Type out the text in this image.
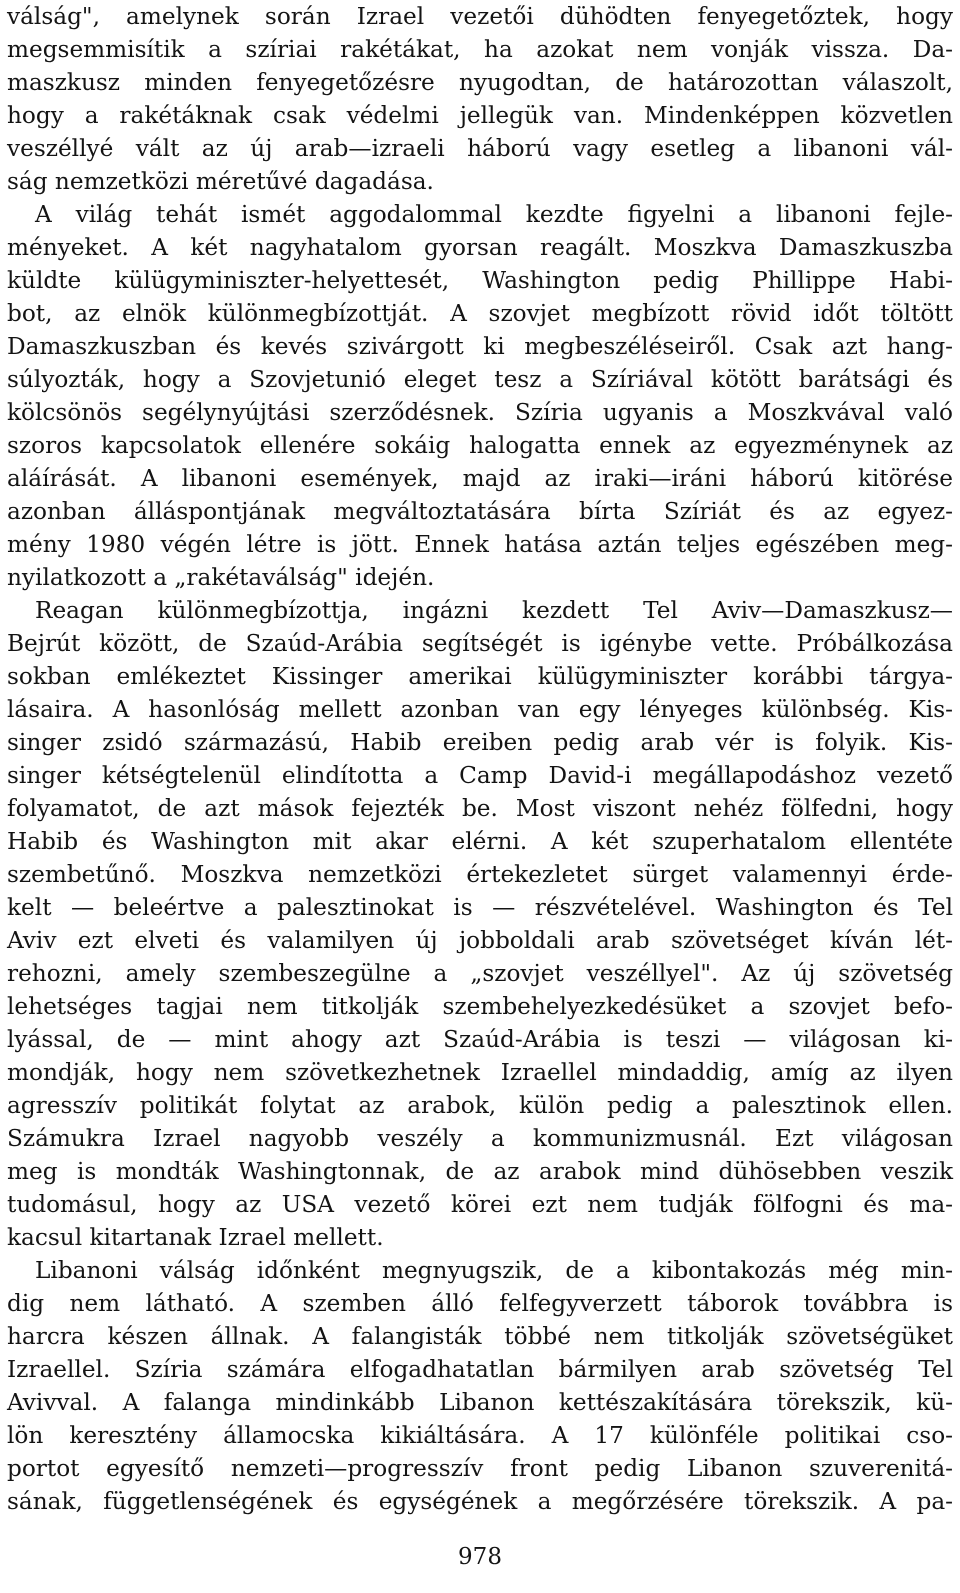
válság", amelynek során Izrael vezetői dühödten fenyegetőztek, hogy
megsemmisítik a szíriai rakétákat, ha azokat nem vonják vissza. Da-
maszkusz minden fenyegetőzésre nyugodtan, de határozottan válaszolt,
hogy a rakétáknak csak védelmi jellegük van. Mindenképpen közvetlen
veszéllyé vált az új arab—izraeli háború vagy esetleg a libanoni vál-
ság nemzetközi méretűvé dagadása.
A világ tehát ismét aggodalommal kezdte figyelni a libanoni fejle-
ményeket. A két nagyhatalom gyorsan reagált. Moszkva Damaszkuszba
küldte külügyminiszter-helyettesét, Washington pedig Phillippe Habi-
bot, az elnök különmegbízottját. A szovjet megbízott rövid időt töltött
Damaszkuszban és kevés szivárgott ki megbeszéléseiről. Csak azt hang-
súlyozták, hogy a Szovjetunió eleget tesz a Szíriával kötött barátsági és
kölcsönös segélynyújtási szerződésnek. Szíria ugyanis a Moszkvával való
szoros kapcsolatok ellenére sokáig halogatta ennek az egyezménynek az
aláírását. A libanoni események, majd az iraki—iráni háború kitörése
azonban álláspontjának megváltoztatására bírta Szíriát és az egyez-
mény 1980 végén létre is jött. Ennek hatása aztán teljes egészében meg-
nyilatkozott a „rakétaválság" idején.
Reagan különmegbízottja, ingázni kezdett Tel Aviv—Damaszkusz—
Bejrút között, de Szaúd-Arábia segítségét is igénybe vette. Próbálkozása
sokban emlékeztet Kissinger amerikai külügyminiszter korábbi tárgya-
lásaira. A hasonlóság mellett azonban van egy lényeges különbség. Kis-
singer zsidó származású, Habib ereiben pedig arab vér is folyik. Kis-
singer kétségtelenül elindította a Camp David-i megállapodáshoz vezető
folyamatot, de azt mások fejezték be. Most viszont nehéz fölfedni, hogy
Habib és Washington mit akar elérni. A két szuperhatalom ellentéte
szembetűnő. Moszkva nemzetközi értekezletet sürget valamennyi érde-
kelt — beleértve a palesztinokat is — részvételével. Washington és Tel
Aviv ezt elveti és valamilyen új jobboldali arab szövetséget kíván lét-
rehozni, amely szembeszegülne a „szovjet veszéllyel". Az új szövetség
lehetséges tagjai nem titkolják szembehelyezkedésüket a szovjet befo-
lyással, de — mint ahogy azt Szaúd-Arábia is teszi — világosan ki-
mondják, hogy nem szövetkezhetnek Izraellel mindaddig, amíg az ilyen
agresszív politikát folytat az arabok, külön pedig a palesztinok ellen.
Számukra Izrael nagyobb veszély a kommunizmusnál. Ezt világosan
meg is mondták Washingtonnak, de az arabok mind dühösebben veszik
tudomásul, hogy az USA vezető körei ezt nem tudják fölfogni és ma-
kacsul kitartanak Izrael mellett.
Libanoni válság időnként megnyugszik, de a kibontakozás még min-
dig nem látható. A szemben álló felfegyverzett táborok továbbra is
harcra készen állnak. A falangisták többé nem titkolják szövetségüket
Izraellel. Szíria számára elfogadhatatlan bármilyen arab szövetség Tel
Avivval. A falanga mindinkább Libanon kettészakítására törekszik, kü-
lön keresztény államocska kikiáltására. A 17 különféle politikai cso-
portot egyesítő nemzeti—progresszív front pedig Libanon szuverenitá-
sának, függetlenségének és egységének a megőrzésére törekszik. A pa-
978
